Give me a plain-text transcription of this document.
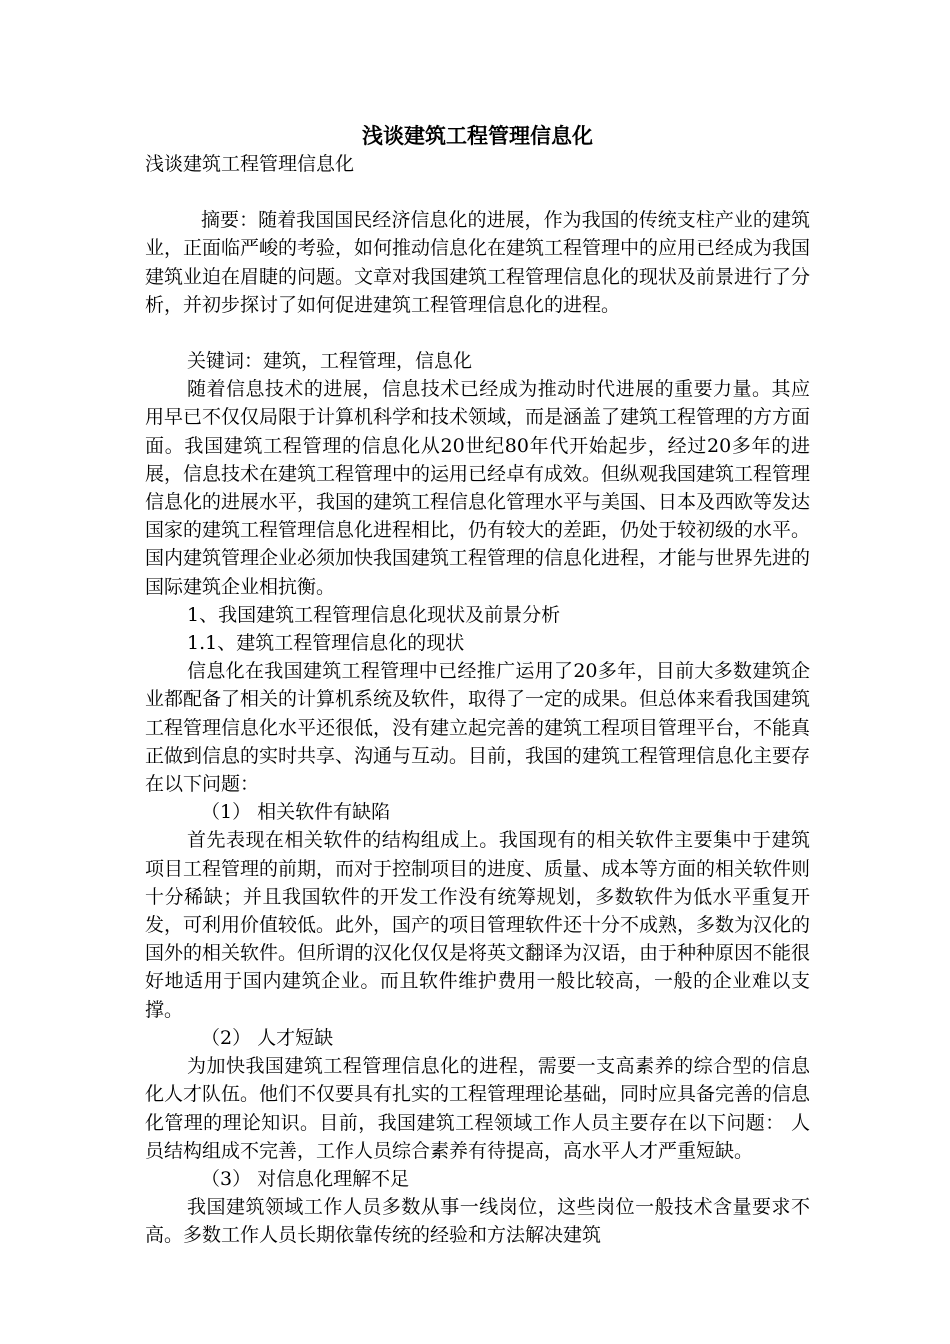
浅谈建筑工程管理信息化

浅谈建筑工程管理信息化

摘要：随着我国国民经济信息化的进展，作为我国的传统支柱产业的建筑业，正面临严峻的考验，如何推动信息化在建筑工程管理中的应用已经成为我国建筑业迫在眉睫的问题。文章对我国建筑工程管理信息化的现状及前景进行了分析，并初步探讨了如何促进建筑工程管理信息化的进程。

关键词：建筑，工程管理，信息化

随着信息技术的进展，信息技术已经成为推动时代进展的重要力量。其应用早已不仅仅局限于计算机科学和技术领域，而是涵盖了建筑工程管理的方方面面。我国建筑工程管理的信息化从20世纪80年代开始起步，经过20多年的进展，信息技术在建筑工程管理中的运用已经卓有成效。但纵观我国建筑工程管理信息化的进展水平，我国的建筑工程信息化管理水平与美国、日本及西欧等发达国家的建筑工程管理信息化进程相比，仍有较大的差距，仍处于较初级的水平。国内建筑管理企业必须加快我国建筑工程管理的信息化进程，才能与世界先进的国际建筑企业相抗衡。

1、我国建筑工程管理信息化现状及前景分析

1.1、建筑工程管理信息化的现状

信息化在我国建筑工程管理中已经推广运用了20多年，目前大多数建筑企业都配备了相关的计算机系统及软件，取得了一定的成果。但总体来看我国建筑工程管理信息化水平还很低，没有建立起完善的建筑工程项目管理平台，不能真正做到信息的实时共享、沟通与互动。目前，我国的建筑工程管理信息化主要存在以下问题：

（1） 相关软件有缺陷

首先表现在相关软件的结构组成上。我国现有的相关软件主要集中于建筑项目工程管理的前期，而对于控制项目的进度、质量、成本等方面的相关软件则十分稀缺；并且我国软件的开发工作没有统筹规划，多数软件为低水平重复开发，可利用价值较低。此外，国产的项目管理软件还十分不成熟，多数为汉化的国外的相关软件。但所谓的汉化仅仅是将英文翻译为汉语，由于种种原因不能很好地适用于国内建筑企业。而且软件维护费用一般比较高，一般的企业难以支撑。

（2） 人才短缺

为加快我国建筑工程管理信息化的进程，需要一支高素养的综合型的信息化人才队伍。他们不仅要具有扎实的工程管理理论基础，同时应具备完善的信息化管理的理论知识。目前，我国建筑工程领域工作人员主要存在以下问题： 人员结构组成不完善，工作人员综合素养有待提高，高水平人才严重短缺。

（3） 对信息化理解不足

我国建筑领域工作人员多数从事一线岗位，这些岗位一般技术含量要求不高。多数工作人员长期依靠传统的经验和方法解决建筑
